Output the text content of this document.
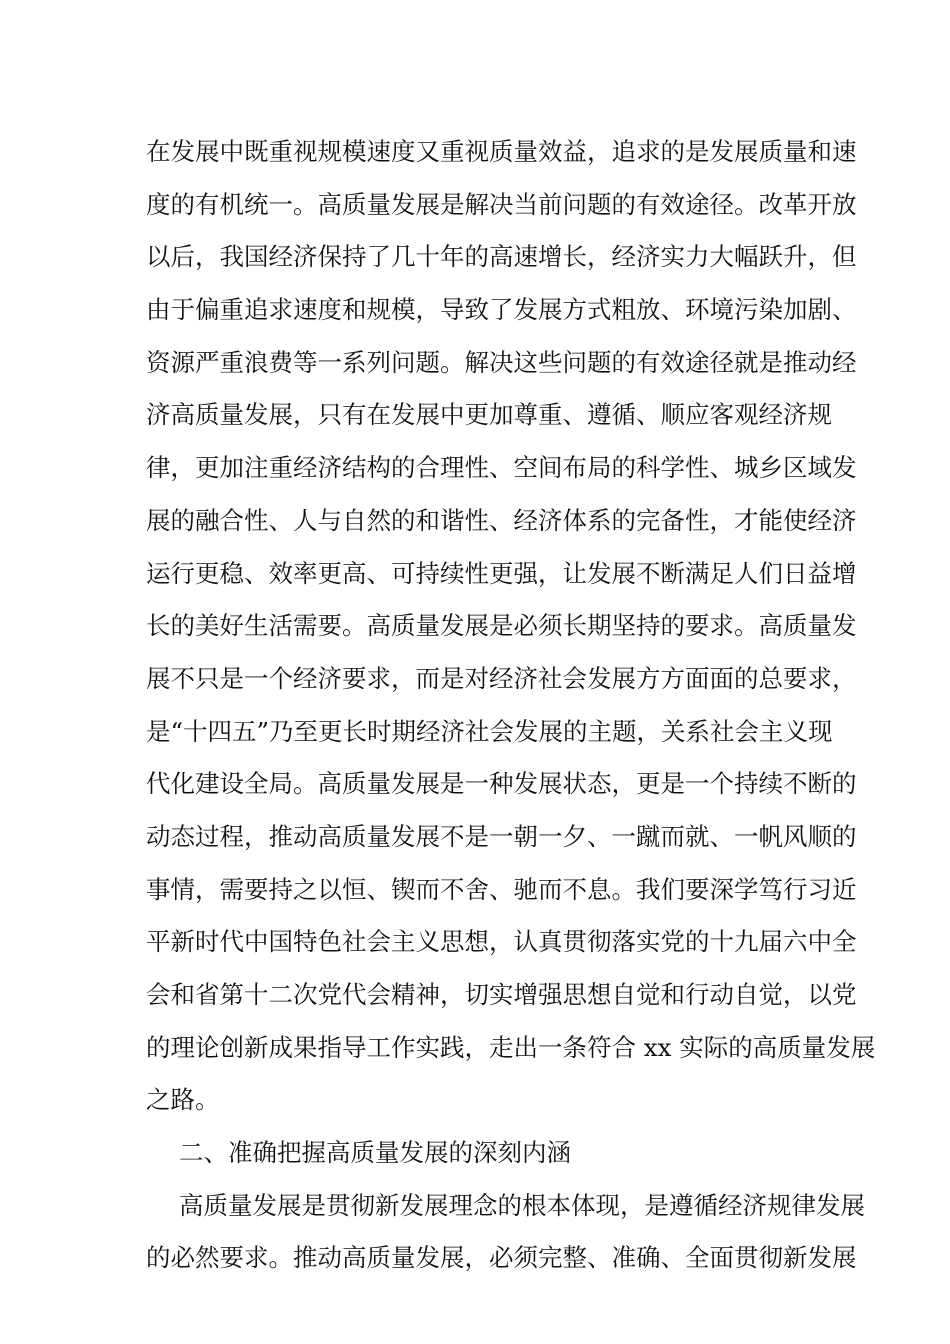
在发展中既重视规模速度又重视质量效益，追求的是发展质量和速
度的有机统一。高质量发展是解决当前问题的有效途径。改革开放
以后，我国经济保持了几十年的高速增长，经济实力大幅跃升，但
由于偏重追求速度和规模，导致了发展方式粗放、环境污染加剧、
资源严重浪费等一系列问题。解决这些问题的有效途径就是推动经
济高质量发展，只有在发展中更加尊重、遵循、顺应客观经济规
律，更加注重经济结构的合理性、空间布局的科学性、城乡区域发
展的融合性、人与自然的和谐性、经济体系的完备性，才能使经济
运行更稳、效率更高、可持续性更强，让发展不断满足人们日益增
长的美好生活需要。高质量发展是必须长期坚持的要求。高质量发
展不只是一个经济要求，而是对经济社会发展方方面面的总要求，
是“十四五”乃至更长时期经济社会发展的主题，关系社会主义现
代化建设全局。高质量发展是一种发展状态，更是一个持续不断的
动态过程，推动高质量发展不是一朝一夕、一蹴而就、一帆风顺的
事情，需要持之以恒、锲而不舍、驰而不息。我们要深学笃行习近
平新时代中国特色社会主义思想，认真贯彻落实党的十九届六中全
会和省第十二次党代会精神，切实增强思想自觉和行动自觉，以党
的理论创新成果指导工作实践，走出一条符合 xx 实际的高质量发展
之路。
二、准确把握高质量发展的深刻内涵
高质量发展是贯彻新发展理念的根本体现，是遵循经济规律发展
的必然要求。推动高质量发展，必须完整、准确、全面贯彻新发展
